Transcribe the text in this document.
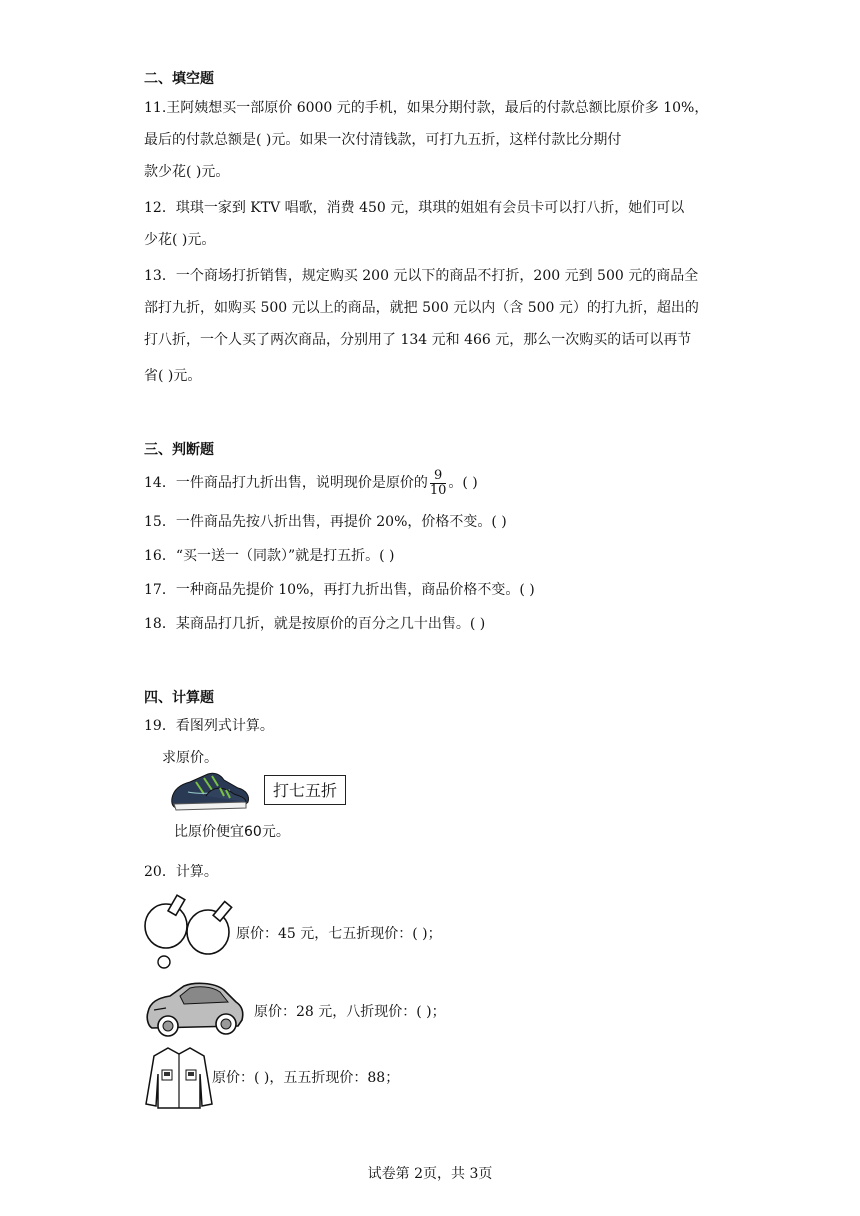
二、填空题
11.王阿姨想买一部原价 6000 元的手机，如果分期付款，最后的付款总额比原价多 10%，
最后的付款总额是( )元。如果一次付清钱款，可打九五折，这样付款比分期付
款少花( )元。
12．琪琪一家到 KTV 唱歌，消费 450 元，琪琪的姐姐有会员卡可以打八折，她们可以
少花( )元。
13．一个商场打折销售，规定购买 200 元以下的商品不打折，200 元到 500 元的商品全
部打九折，如购买 500 元以上的商品，就把 500 元以内（含 500 元）的打九折，超出的
打八折，一个人买了两次商品，分别用了 134 元和 466 元，那么一次购买的话可以再节
省( )元。
三、判断题
14．一件商品打九折出售，说明现价是原价的 $\frac{9}{10}$ 。( )
15．一件商品先按八折出售，再提价 20%，价格不变。( )
16．“买一送一（同款）”就是打五折。( )
17．一种商品先提价 10%，再打九折出售，商品价格不变。( )
18．某商品打几折，就是按原价的百分之几十出售。( )
四、计算题
19．看图列式计算。
求原价。
打七五折
比原价便宜60元。
20．计算。
原价：45 元，七五折现价：( )；
原价：28 元，八折现价：( )；
原价：( )，五五折现价：88；
试卷第 2页，共 3页
